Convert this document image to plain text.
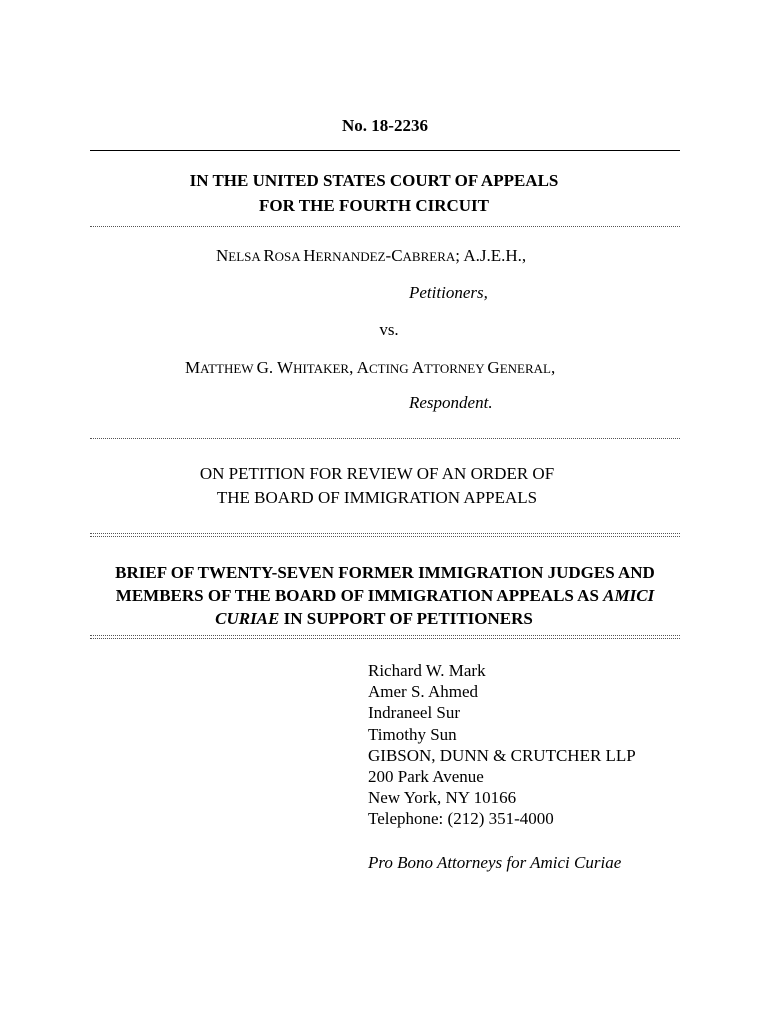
No. 18-2236
IN THE UNITED STATES COURT OF APPEALS
FOR THE FOURTH CIRCUIT
NELSA ROSA HERNANDEZ-CABRERA; A.J.E.H.,
Petitioners,
vs.
MATTHEW G. WHITAKER, ACTING ATTORNEY GENERAL,
Respondent.
ON PETITION FOR REVIEW OF AN ORDER OF
THE BOARD OF IMMIGRATION APPEALS
BRIEF OF TWENTY-SEVEN FORMER IMMIGRATION JUDGES AND
MEMBERS OF THE BOARD OF IMMIGRATION APPEALS AS AMICI
CURIAE IN SUPPORT OF PETITIONERS
Richard W. Mark
Amer S. Ahmed
Indraneel Sur
Timothy Sun
GIBSON, DUNN & CRUTCHER LLP
200 Park Avenue
New York, NY 10166
Telephone: (212) 351-4000
Pro Bono Attorneys for Amici Curiae
